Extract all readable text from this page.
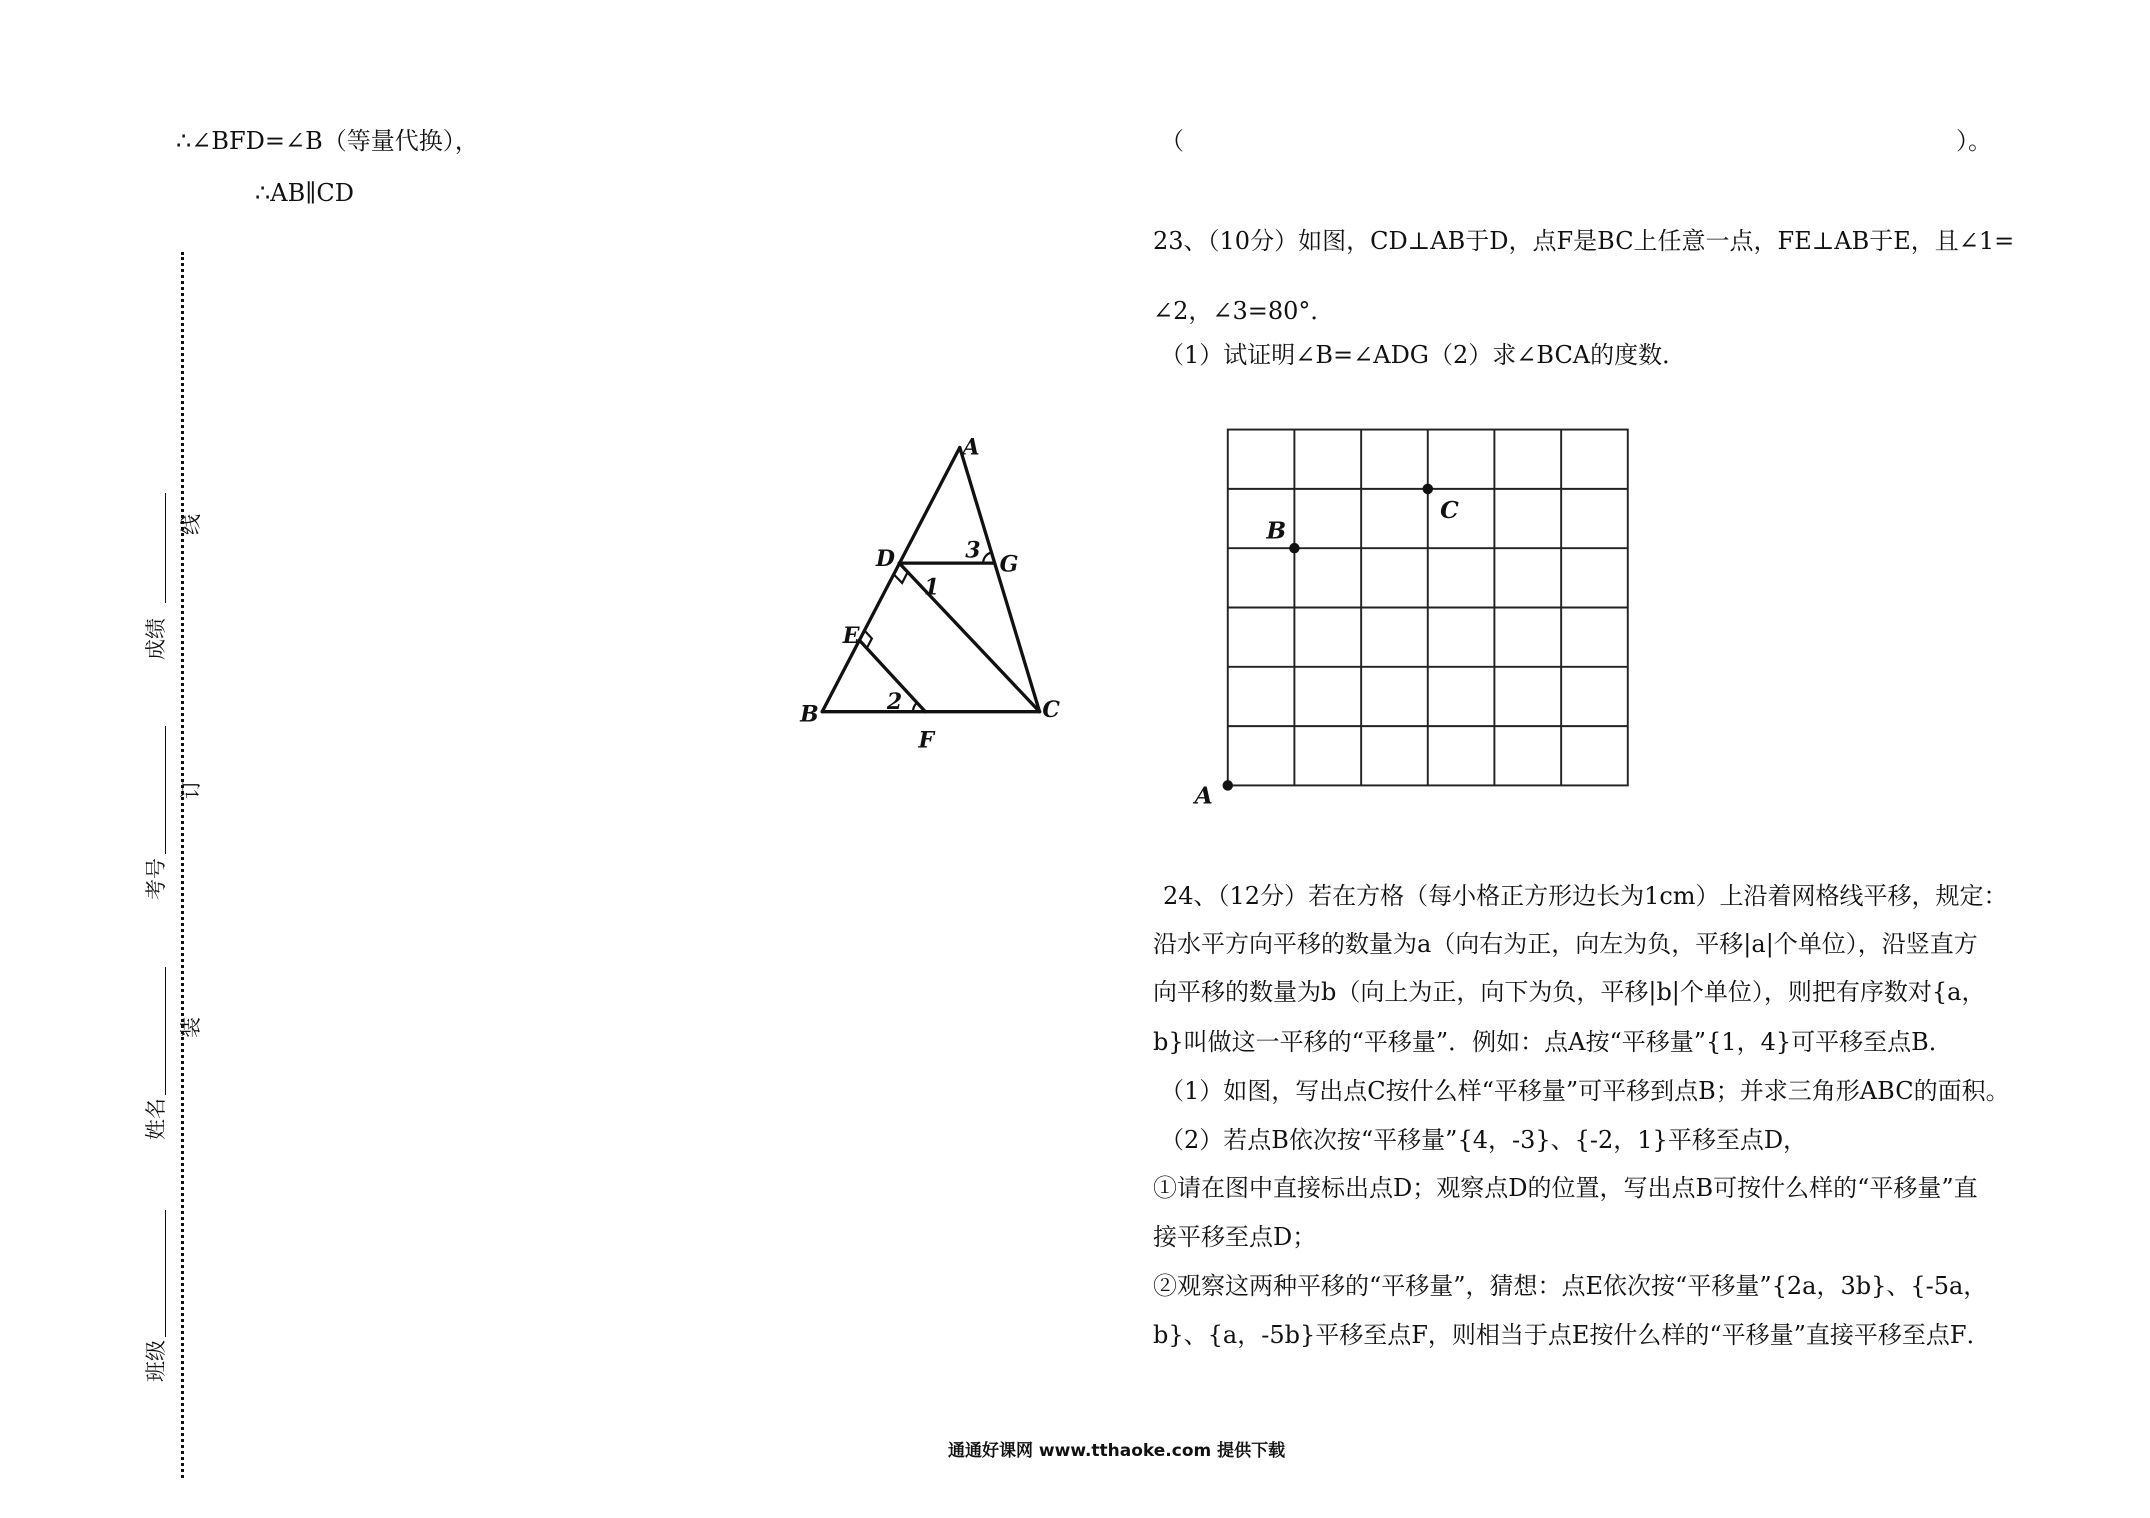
∴∠BFD=∠B（等量代换），
∴AB∥CD
线
成绩
订
考号
装
姓名
班级
（	）。
23、（10分）如图，CD⊥AB于D，点F是BC上任意一点，FE⊥AB于E，且∠1=
∠2，∠3=80°．
（1）试证明∠B=∠ADG（2）求∠BCA的度数．
A
D	G
3
1
E
2
B	C
F
B
C
A
24、（12分）若在方格（每小格正方形边长为1cm）上沿着网格线平移，规定：
沿水平方向平移的数量为a（向右为正，向左为负，平移|a|个单位），沿竖直方
向平移的数量为b（向上为正，向下为负，平移|b|个单位），则把有序数对{a，
b}叫做这一平移的“平移量”．例如：点A按“平移量”{1，4}可平移至点B．
（1）如图，写出点C按什么样“平移量”可平移到点B；并求三角形ABC的面积。
（2）若点B依次按“平移量”{4，-3}、{-2，1}平移至点D，
①请在图中直接标出点D；观察点D的位置，写出点B可按什么样的“平移量”直
接平移至点D；
②观察这两种平移的“平移量”，猜想：点E依次按“平移量”{2a，3b}、{-5a，
b}、{a，-5b}平移至点F，则相当于点E按什么样的“平移量”直接平移至点F．
通通好课网 www.tthaoke.com 提供下载
